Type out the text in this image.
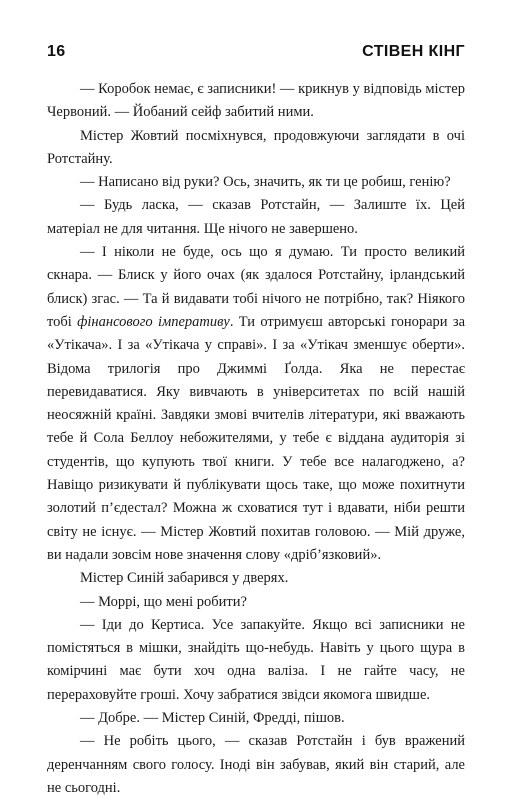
16	СТІВЕН КІНГ

— Коробок немає, є записники! — крикнув у відповідь містер Червоний. — Йобаний сейф забитий ними.

Містер Жовтий посміхнувся, продовжуючи заглядати в очі Ротстайну.

— Написано від руки? Ось, значить, як ти це робиш, генію?

— Будь ласка, — сказав Ротстайн, — Залиште їх. Цей матеріал не для читання. Ще нічого не завершено.

— І ніколи не буде, ось що я думаю. Ти просто великий скнара. — Блиск у його очах (як здалося Ротстайну, ірландський блиск) згас. — Та й видавати тобі нічого не потрібно, так? Ніякого тобі фінансового імперативу. Ти отримуєш авторські гонорари за «Утікача». І за «Утікача у справі». І за «Утікач зменшує оберти». Відома трилогія про Джиммі Ґолда. Яка не перестає перевидаватися. Яку вивчають в університетах по всій нашій неосяжній країні. Завдяки змові вчителів літератури, які вважають тебе й Сола Беллоу небожителями, у тебе є віддана аудиторія зі студентів, що купують твої книги. У тебе все налагоджено, а? Навіщо ризикувати й публікувати щось таке, що може похитнути золотий п’єдестал? Можна ж сховатися тут і вдавати, ніби решти світу не існує. — Містер Жовтий похитав головою. — Мій друже, ви надали зовсім нове значення слову «дріб’язковий».

Містер Синій забарився у дверях.

— Моррі, що мені робити?

— Іди до Кертиса. Усе запакуйте. Якщо всі записники не помістяться в мішки, знайдіть що-небудь. Навіть у цього щура в комірчині має бути хоч одна валіза. І не гайте часу, не перераховуйте гроші. Хочу забратися звідси якомога швидше.

— Добре. — Містер Синій, Фредді, пішов.

— Не робіть цього, — сказав Ротстайн і був вражений деренчанням свого голосу. Іноді він забував, який він старий, але не сьогодні.
